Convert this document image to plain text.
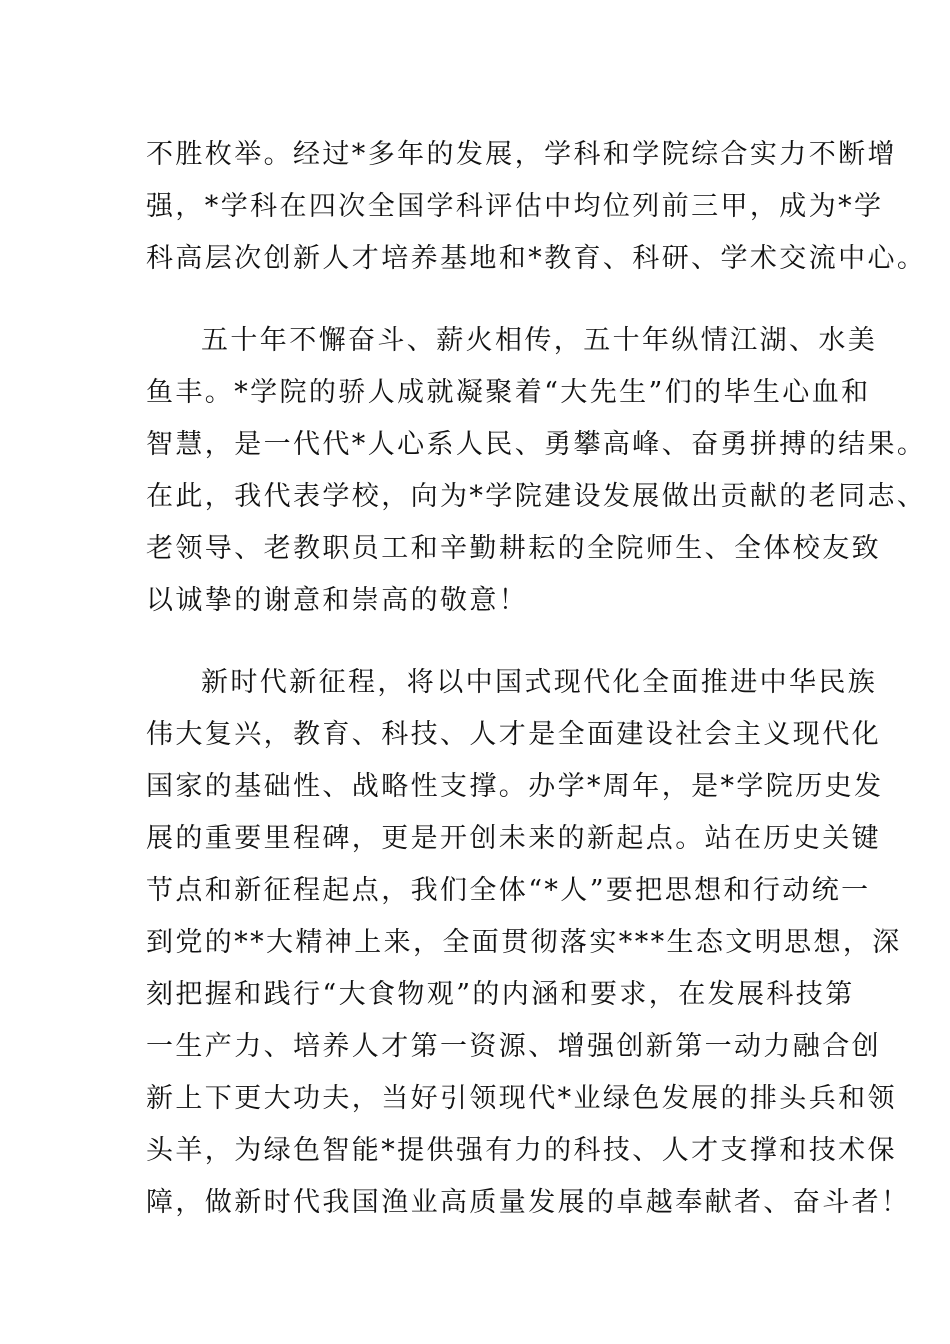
不胜枚举。经过*多年的发展，学科和学院综合实力不断增
强，*学科在四次全国学科评估中均位列前三甲，成为*学
科高层次创新人才培养基地和*教育、科研、学术交流中心。
五十年不懈奋斗、薪火相传，五十年纵情江湖、水美
鱼丰。*学院的骄人成就凝聚着“大先生”们的毕生心血和
智慧，是一代代*人心系人民、勇攀高峰、奋勇拼搏的结果。
在此，我代表学校，向为*学院建设发展做出贡献的老同志、
老领导、老教职员工和辛勤耕耘的全院师生、全体校友致
以诚挚的谢意和崇高的敬意！
新时代新征程，将以中国式现代化全面推进中华民族
伟大复兴，教育、科技、人才是全面建设社会主义现代化
国家的基础性、战略性支撑。办学*周年，是*学院历史发
展的重要里程碑，更是开创未来的新起点。站在历史关键
节点和新征程起点，我们全体“*人”要把思想和行动统一
到党的**大精神上来，全面贯彻落实***生态文明思想，深
刻把握和践行“大食物观”的内涵和要求，在发展科技第
一生产力、培养人才第一资源、增强创新第一动力融合创
新上下更大功夫，当好引领现代*业绿色发展的排头兵和领
头羊，为绿色智能*提供强有力的科技、人才支撑和技术保
障，做新时代我国渔业高质量发展的卓越奉献者、奋斗者！
